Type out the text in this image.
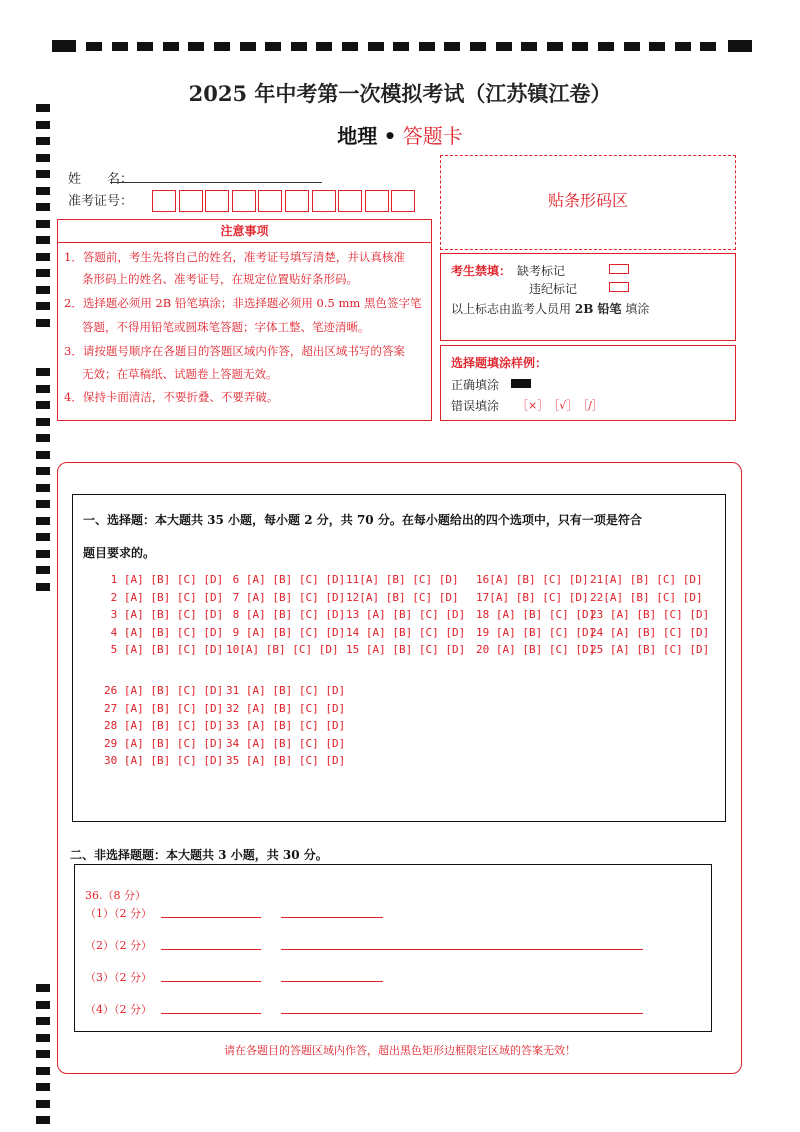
2025 年中考第一次模拟考试（江苏镇江卷）
地理 • 答题卡
姓　　名：
准考证号：	贴条形码区
注意事项
1．答题前，考生先将自己的姓名，准考证号填写清楚，并认真核准
条形码上的姓名、准考证号，在规定位置贴好条形码。
2．选择题必须用 2B 铅笔填涂；非选择题必须用 0.5 mm 黑色签字笔
答题，不得用铅笔或圆珠笔答题；字体工整、笔迹清晰。
3．请按题号顺序在各题目的答题区域内作答，超出区域书写的答案
无效；在草稿纸、试题卷上答题无效。
4．保持卡面清洁，不要折叠、不要弄破。
考生禁填： 缺考标记
违纪标记
以上标志由监考人员用 2B 铅笔 填涂
选择题填涂样例：
正确填涂
错误填涂 ［×］　［√］　［/］
一、选择题：本大题共 35 小题，每小题 2 分，共 70 分。在每小题给出的四个选项中，只有一项是符合
题目要求的。
1 [A] [B] [C] [D]
2 [A] [B] [C] [D]
3 [A] [B] [C] [D]
4 [A] [B] [C] [D]
5 [A] [B] [C] [D]
6 [A] [B] [C] [D]
7 [A] [B] [C] [D]
8 [A] [B] [C] [D]
9 [A] [B] [C] [D]
10[A] [B] [C] [D]
11[A] [B] [C] [D]
12[A] [B] [C] [D]
13 [A] [B] [C] [D]
14 [A] [B] [C] [D]
15 [A] [B] [C] [D]
16[A] [B] [C] [D]
17[A] [B] [C] [D]
18 [A] [B] [C] [D]
19 [A] [B] [C] [D]
20 [A] [B] [C] [D]
21[A] [B] [C] [D]
22[A] [B] [C] [D]
23 [A] [B] [C] [D]
24 [A] [B] [C] [D]
25 [A] [B] [C] [D]
26 [A] [B] [C] [D]
27 [A] [B] [C] [D]
28 [A] [B] [C] [D]
29 [A] [B] [C] [D]
30 [A] [B] [C] [D]
31 [A] [B] [C] [D]
32 [A] [B] [C] [D]
33 [A] [B] [C] [D]
34 [A] [B] [C] [D]
35 [A] [B] [C] [D]
二、非选择题题：本大题共 3 小题，共 30 分。
36.（8 分）
（1）（2 分）
（2）（2 分）
（3）（2 分）
（4）（2 分）
请在各题目的答题区域内作答，超出黑色矩形边框限定区域的答案无效！
